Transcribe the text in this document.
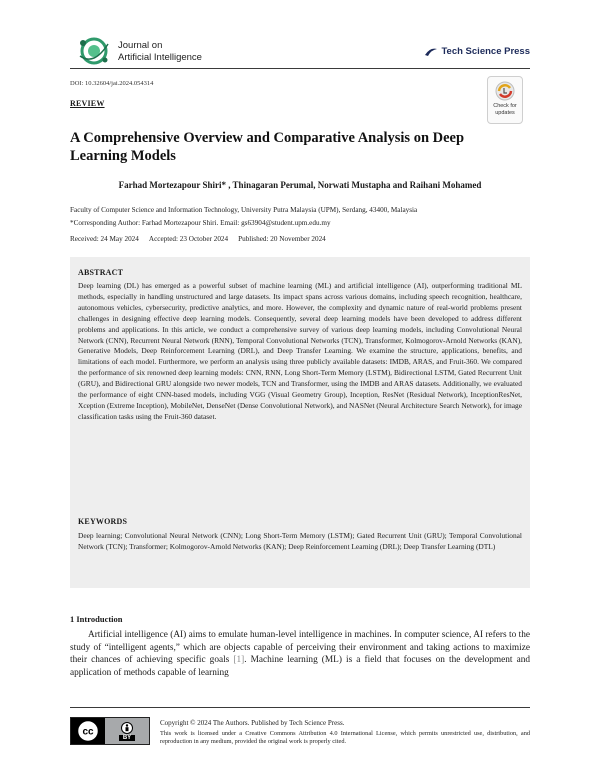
Journal on
Artificial Intelligence
Tech Science Press
DOI: 10.32604/jai.2024.054314
REVIEW	Check for
updates
A Comprehensive Overview and Comparative Analysis on Deep Learning Models
Farhad Mortezapour Shiri* , Thinagaran Perumal, Norwati Mustapha and Raihani Mohamed
Faculty of Computer Science and Information Technology, University Putra Malaysia (UPM), Serdang, 43400, Malaysia
*Corresponding Author: Farhad Mortezapour Shiri. Email: gs63904@student.upm.edu.my
Received: 24 May 2024 Accepted: 23 October 2024 Published: 20 November 2024
ABSTRACT
Deep learning (DL) has emerged as a powerful subset of machine learning (ML) and artificial intelligence (AI), outperforming traditional ML methods, especially in handling unstructured and large datasets. Its impact spans across various domains, including speech recognition, healthcare, autonomous vehicles, cybersecurity, predictive analytics, and more. However, the complexity and dynamic nature of real-world problems present challenges in designing effective deep learning models. Consequently, several deep learning models have been developed to address different problems and applications. In this article, we conduct a comprehensive survey of various deep learning models, including Convolutional Neural Network (CNN), Recurrent Neural Network (RNN), Temporal Convolutional Networks (TCN), Transformer, Kolmogorov-Arnold Networks (KAN), Generative Models, Deep Reinforcement Learning (DRL), and Deep Transfer Learning. We examine the structure, applications, benefits, and limitations of each model. Furthermore, we perform an analysis using three publicly available datasets: IMDB, ARAS, and Fruit-360. We compared the performance of six renowned deep learning models: CNN, RNN, Long Short-Term Memory (LSTM), Bidirectional LSTM, Gated Recurrent Unit (GRU), and Bidirectional GRU alongside two newer models, TCN and Transformer, using the IMDB and ARAS datasets. Additionally, we evaluated the performance of eight CNN-based models, including VGG (Visual Geometry Group), Inception, ResNet (Residual Network), InceptionResNet, Xception (Extreme Inception), MobileNet, DenseNet (Dense Convolutional Network), and NASNet (Neural Architecture Search Network), for image classification tasks using the Fruit-360 dataset.
KEYWORDS
Deep learning; Convolutional Neural Network (CNN); Long Short-Term Memory (LSTM); Gated Recurrent Unit (GRU); Temporal Convolutional Network (TCN); Transformer; Kolmogorov-Arnold Networks (KAN); Deep Reinforcement Learning (DRL); Deep Transfer Learning (DTL)
1 Introduction
Artificial intelligence (AI) aims to emulate human-level intelligence in machines. In computer science, AI refers to the study of “intelligent agents,” which are objects capable of perceiving their environment and taking actions to maximize their chances of achieving specific goals [1]. Machine learning (ML) is a field that focuses on the development and application of methods capable of learning
cc	BY
Copyright © 2024 The Authors. Published by Tech Science Press.
This work is licensed under a Creative Commons Attribution 4.0 International License, which permits unrestricted use, distribution, and reproduction in any medium, provided the original work is properly cited.
